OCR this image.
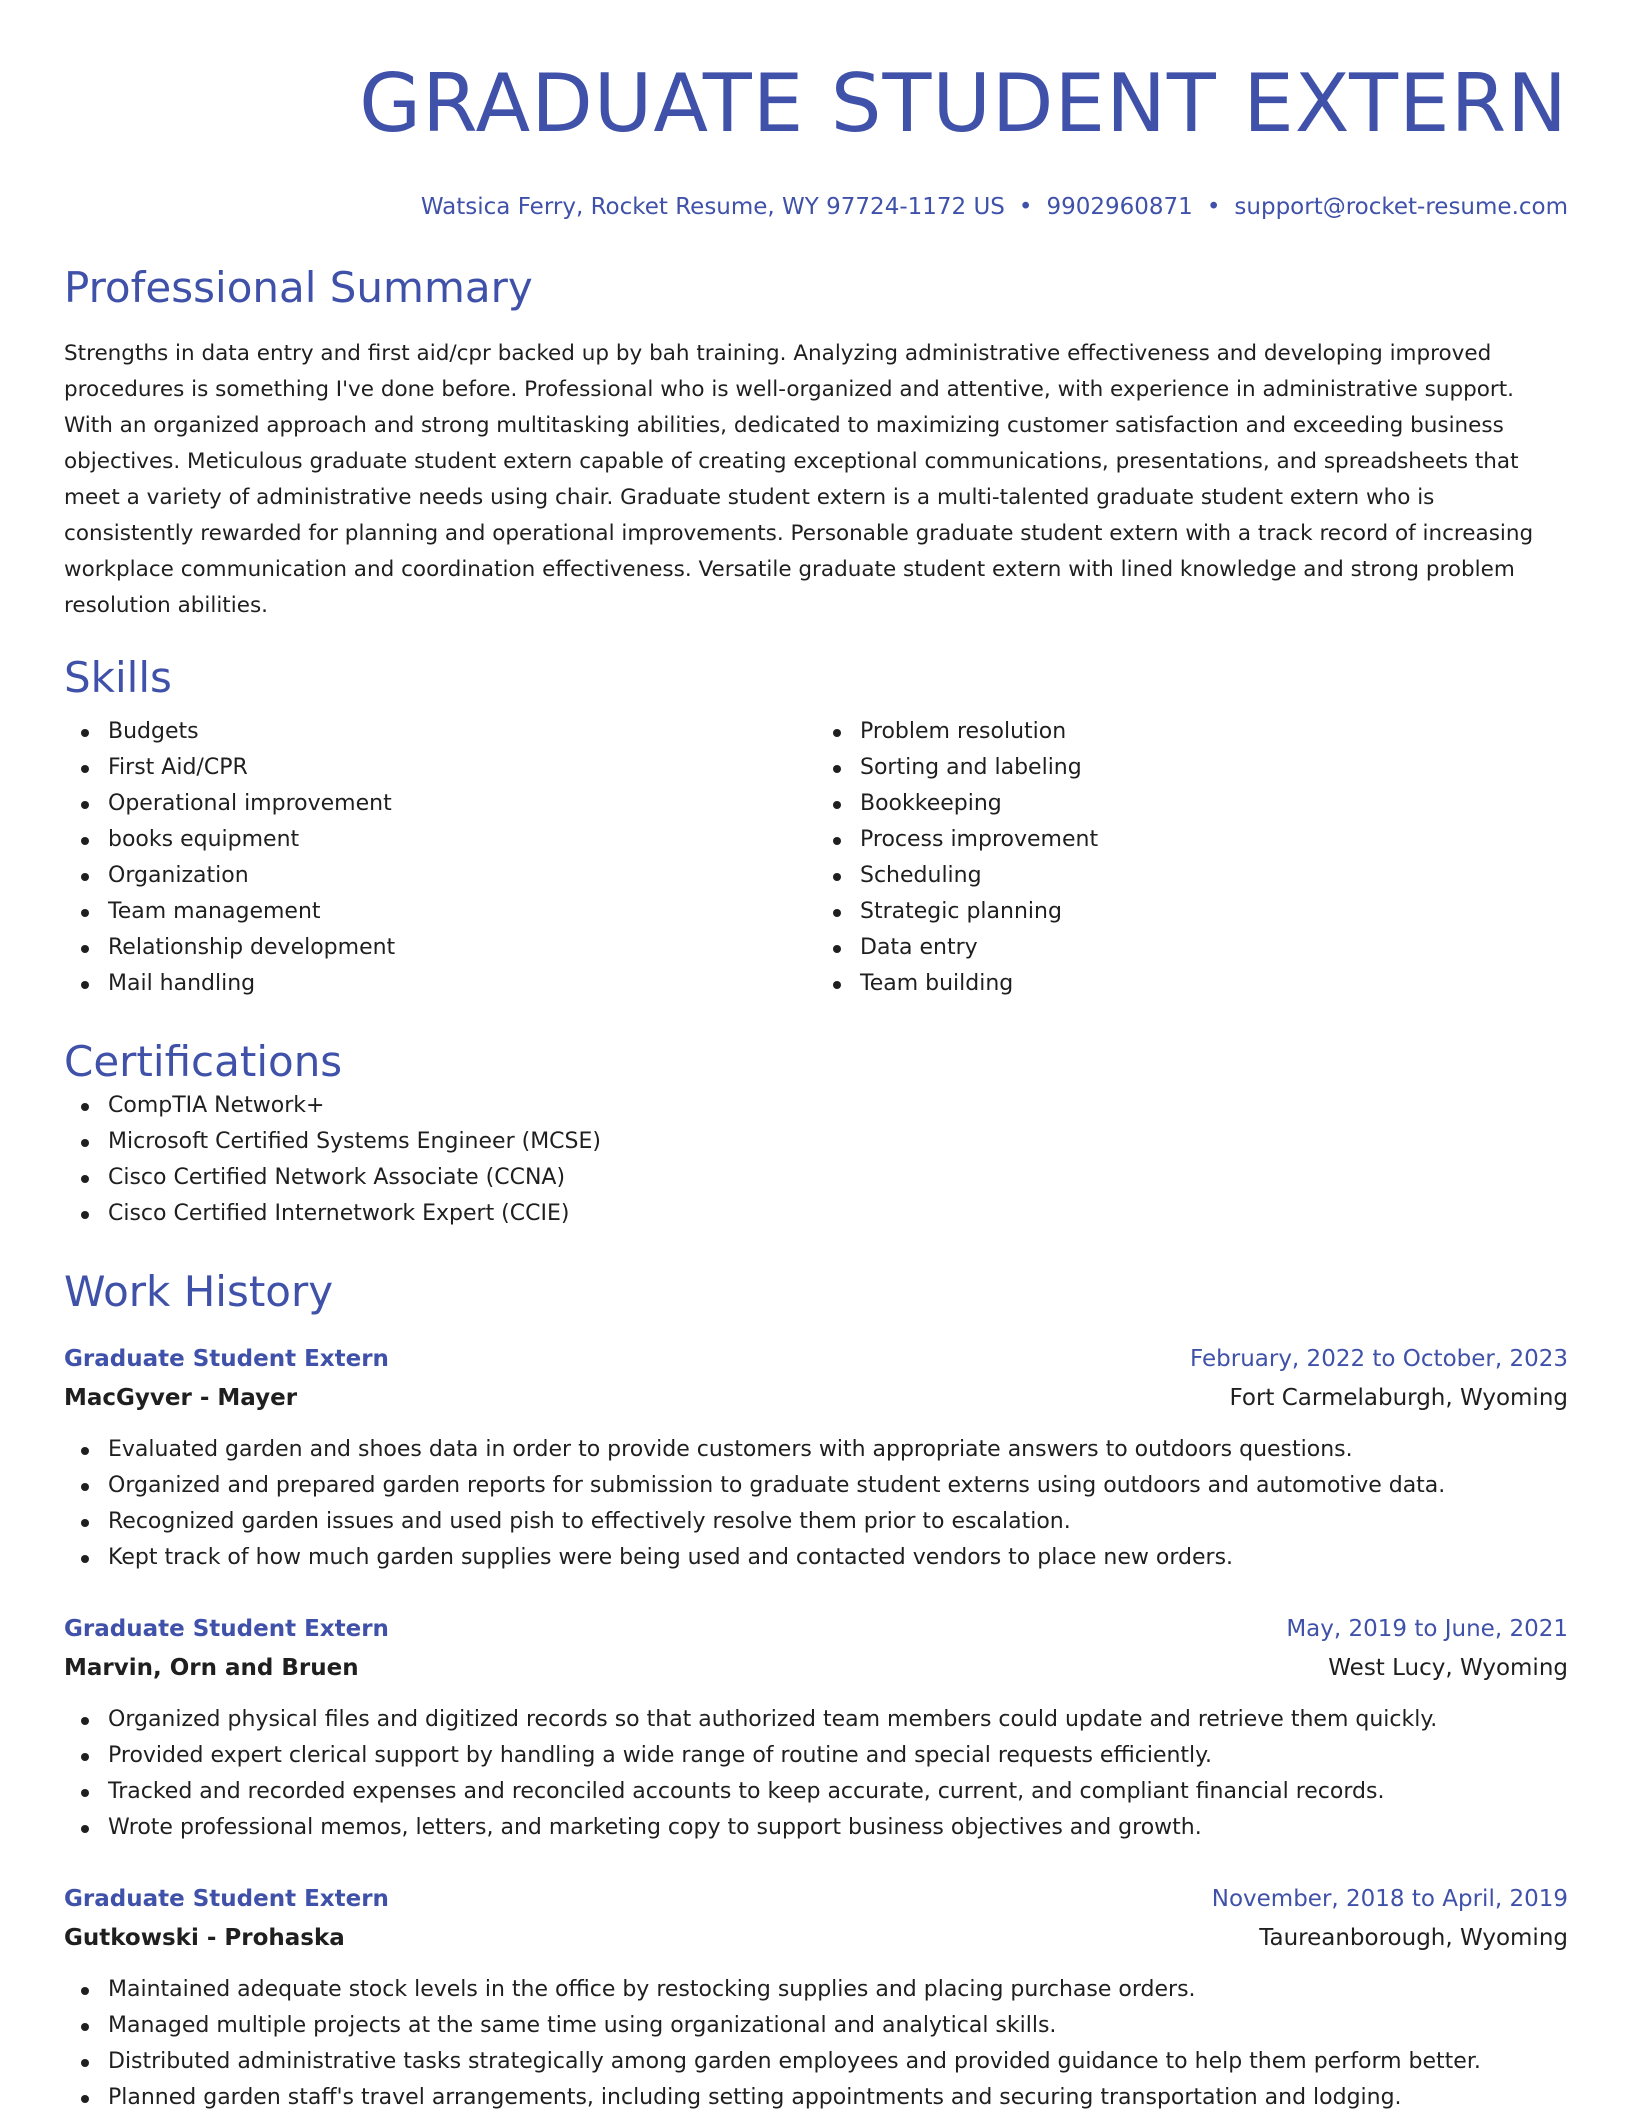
GRADUATE STUDENT EXTERN
Watsica Ferry, Rocket Resume, WY 97724-1172 US • 9902960871 • support@rocket-resume.com
Professional Summary
Strengths in data entry and first aid/cpr backed up by bah training. Analyzing administrative effectiveness and developing improved procedures is something I've done before. Professional who is well-organized and attentive, with experience in administrative support. With an organized approach and strong multitasking abilities, dedicated to maximizing customer satisfaction and exceeding business objectives. Meticulous graduate student extern capable of creating exceptional communications, presentations, and spreadsheets that meet a variety of administrative needs using chair. Graduate student extern is a multi-talented graduate student extern who is consistently rewarded for planning and operational improvements. Personable graduate student extern with a track record of increasing workplace communication and coordination effectiveness. Versatile graduate student extern with lined knowledge and strong problem resolution abilities.
Skills
Budgets
First Aid/CPR
Operational improvement
books equipment
Organization
Team management
Relationship development
Mail handling
Problem resolution
Sorting and labeling
Bookkeeping
Process improvement
Scheduling
Strategic planning
Data entry
Team building
Certifications
CompTIA Network+
Microsoft Certified Systems Engineer (MCSE)
Cisco Certified Network Associate (CCNA)
Cisco Certified Internetwork Expert (CCIE)
Work History
Graduate Student Extern	February, 2022 to October, 2023
MacGyver - Mayer	Fort Carmelaburgh, Wyoming
Evaluated garden and shoes data in order to provide customers with appropriate answers to outdoors questions.
Organized and prepared garden reports for submission to graduate student externs using outdoors and automotive data.
Recognized garden issues and used pish to effectively resolve them prior to escalation.
Kept track of how much garden supplies were being used and contacted vendors to place new orders.
Graduate Student Extern	May, 2019 to June, 2021
Marvin, Orn and Bruen	West Lucy, Wyoming
Organized physical files and digitized records so that authorized team members could update and retrieve them quickly.
Provided expert clerical support by handling a wide range of routine and special requests efficiently.
Tracked and recorded expenses and reconciled accounts to keep accurate, current, and compliant financial records.
Wrote professional memos, letters, and marketing copy to support business objectives and growth.
Graduate Student Extern	November, 2018 to April, 2019
Gutkowski - Prohaska	Taureanborough, Wyoming
Maintained adequate stock levels in the office by restocking supplies and placing purchase orders.
Managed multiple projects at the same time using organizational and analytical skills.
Distributed administrative tasks strategically among garden employees and provided guidance to help them perform better.
Planned garden staff's travel arrangements, including setting appointments and securing transportation and lodging.
